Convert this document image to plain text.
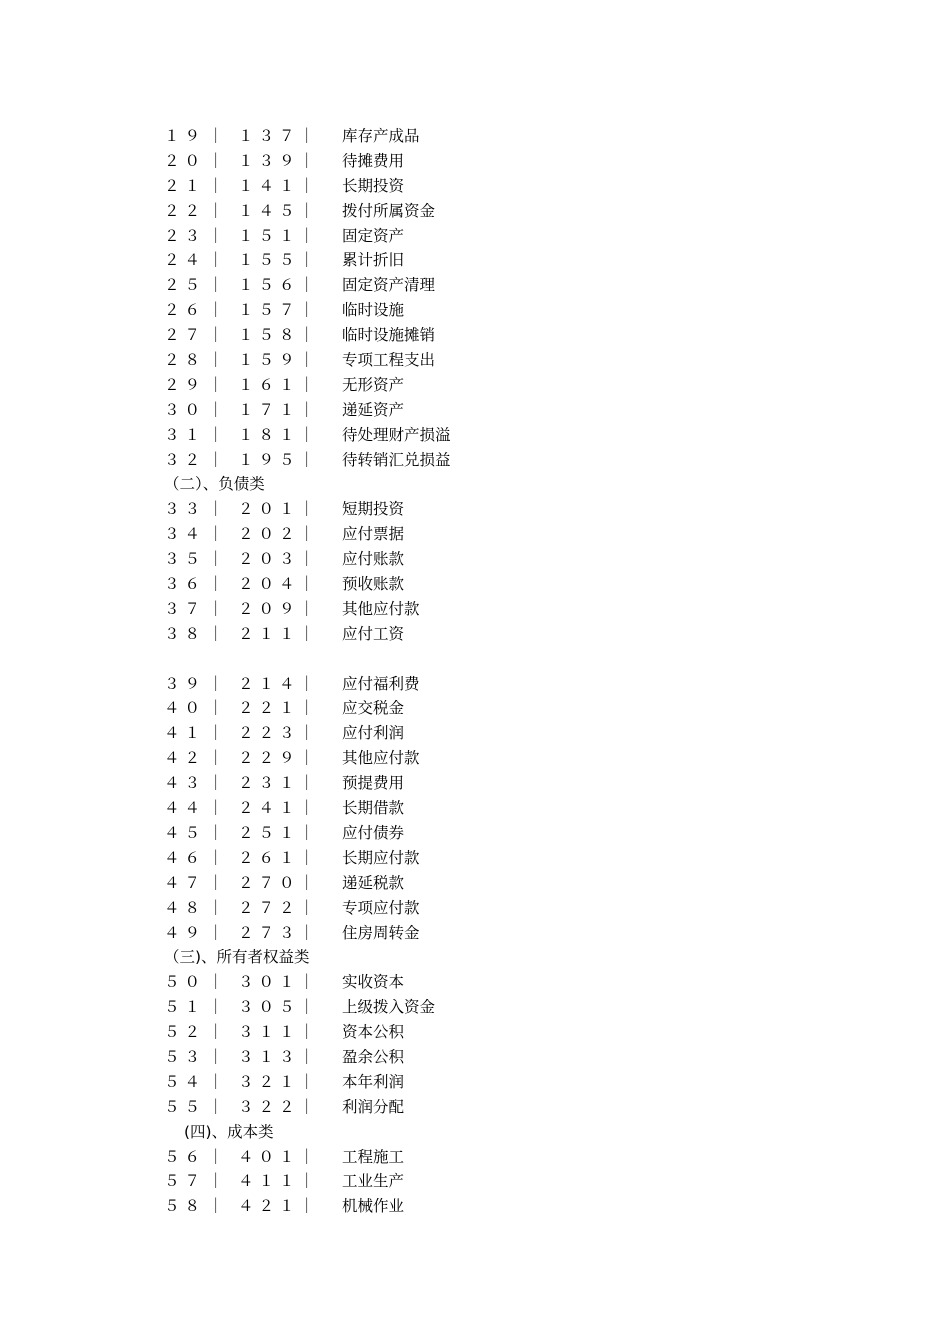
１９ ｜ １３７ ｜ 库存产成品
２０ ｜ １３９ ｜ 待摊费用
２１ ｜ １４１ ｜ 长期投资
２２ ｜ １４５ ｜ 拨付所属资金
２３ ｜ １５１ ｜ 固定资产
２４ ｜ １５５ ｜ 累计折旧
２５ ｜ １５６ ｜ 固定资产清理
２６ ｜ １５７ ｜ 临时设施
２７ ｜ １５８ ｜ 临时设施摊销
２８ ｜ １５９ ｜ 专项工程支出
２９ ｜ １６１ ｜ 无形资产
３０ ｜ １７１ ｜ 递延资产
３１ ｜ １８１ ｜ 待处理财产损溢
３２ ｜ １９５ ｜ 待转销汇兑损益
（二）、负债类
３３ ｜ ２０１ ｜ 短期投资
３４ ｜ ２０２ ｜ 应付票据
３５ ｜ ２０３ ｜ 应付账款
３６ ｜ ２０４ ｜ 预收账款
３７ ｜ ２０９ ｜ 其他应付款
３８ ｜ ２１１ ｜ 应付工资
３９ ｜ ２１４ ｜ 应付福利费
４０ ｜ ２２１ ｜ 应交税金
４１ ｜ ２２３ ｜ 应付利润
４２ ｜ ２２９ ｜ 其他应付款
４３ ｜ ２３１ ｜ 预提费用
４４ ｜ ２４１ ｜ 长期借款
４５ ｜ ２５１ ｜ 应付债券
４６ ｜ ２６１ ｜ 长期应付款
４７ ｜ ２７０ ｜ 递延税款
４８ ｜ ２７２ ｜ 专项应付款
４９ ｜ ２７３ ｜ 住房周转金
（三)、所有者权益类
５０ ｜ ３０１ ｜ 实收资本
５１ ｜ ３０５ ｜ 上级拨入资金
５２ ｜ ３１１ ｜ 资本公积
５３ ｜ ３１３ ｜ 盈余公积
５４ ｜ ３２１ ｜ 本年利润
５５ ｜ ３２２ ｜ 利润分配
(四)、成本类
５６ ｜ ４０１ ｜ 工程施工
５７ ｜ ４１１ ｜ 工业生产
５８ ｜ ４２１ ｜ 机械作业
